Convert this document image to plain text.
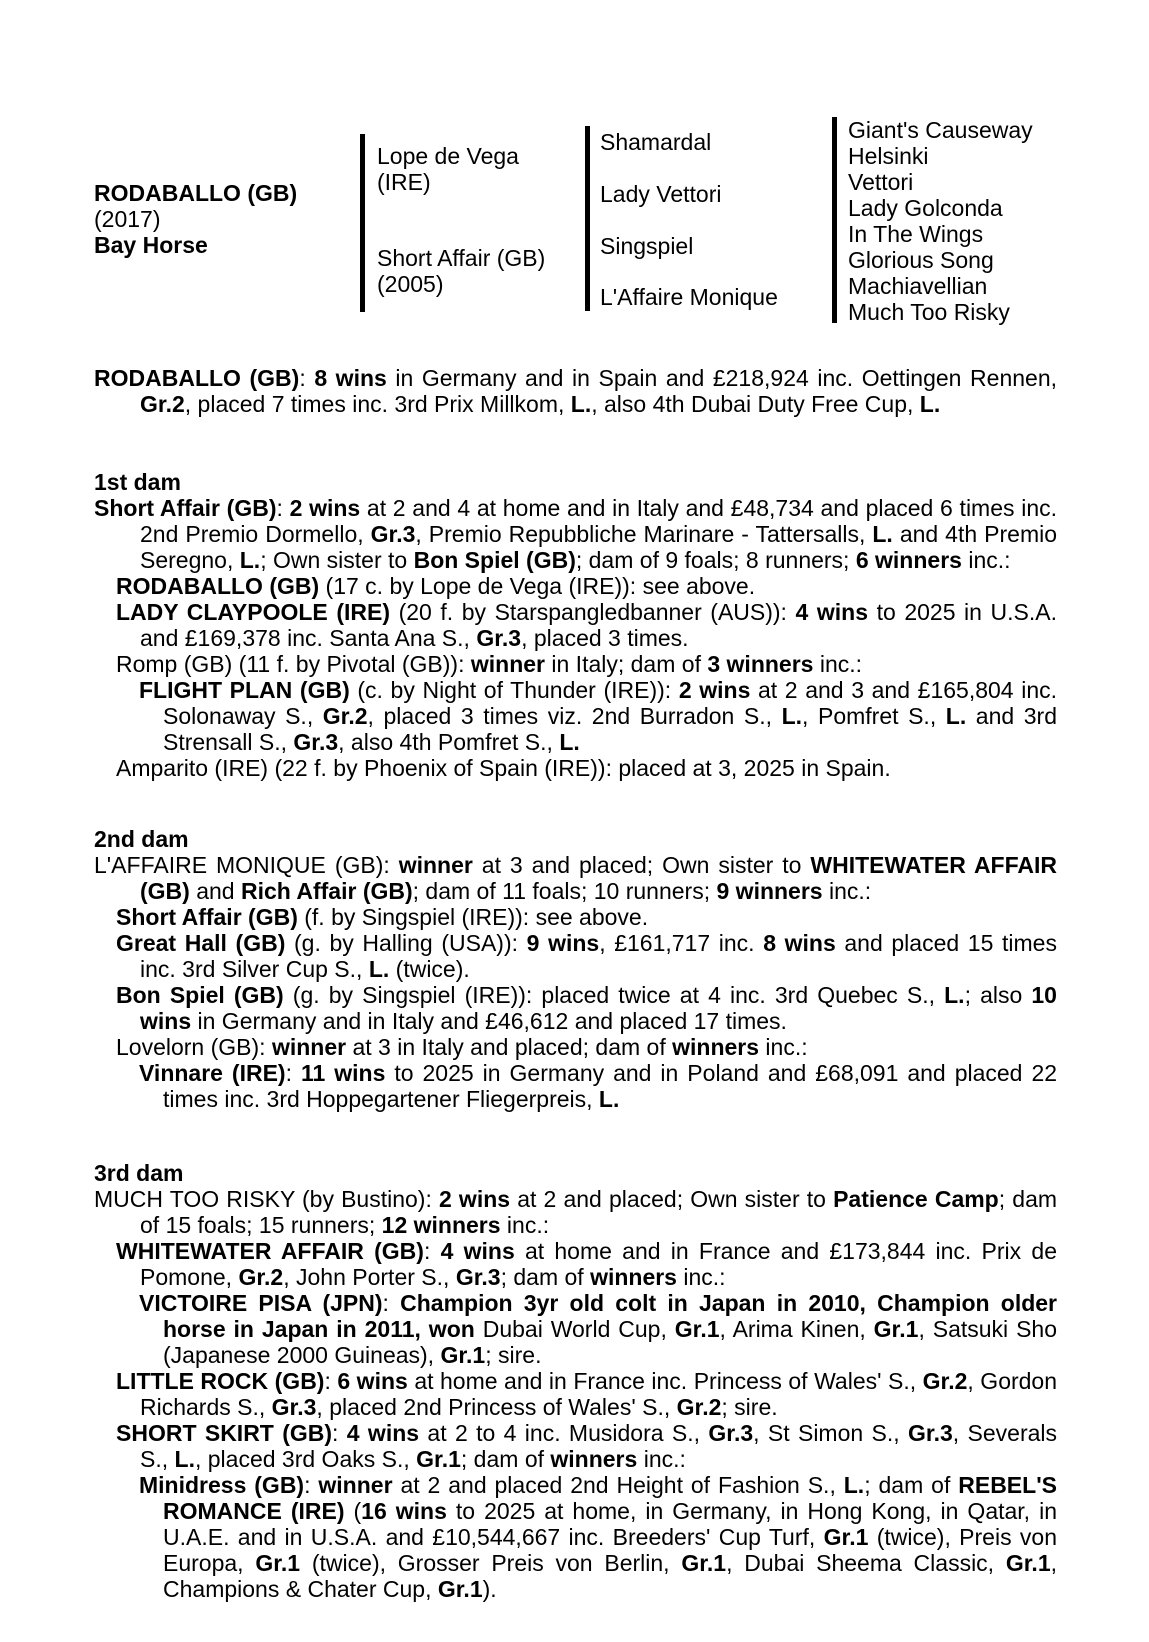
RODABALLO (GB)
(2017)
Bay Horse
Lope de Vega
(IRE)
Short Affair (GB)
(2005)
Shamardal
Lady Vettori
Singspiel
L'Affaire Monique
Giant's Causeway
Helsinki
Vettori
Lady Golconda
In The Wings
Glorious Song
Machiavellian
Much Too Risky
RODABALLO (GB): 8 wins in Germany and in Spain and £218,924 inc. Oettingen Rennen, Gr.2, placed 7 times inc. 3rd Prix Millkom, L., also 4th Dubai Duty Free Cup, L.
1st dam
Short Affair (GB): 2 wins at 2 and 4 at home and in Italy and £48,734 and placed 6 times inc. 2nd Premio Dormello, Gr.3, Premio Repubbliche Marinare - Tattersalls, L. and 4th Premio Seregno, L.; Own sister to Bon Spiel (GB); dam of 9 foals; 8 runners; 6 winners inc.:
RODABALLO (GB) (17 c. by Lope de Vega (IRE)): see above.
LADY CLAYPOOLE (IRE) (20 f. by Starspangledbanner (AUS)): 4 wins to 2025 in U.S.A. and £169,378 inc. Santa Ana S., Gr.3, placed 3 times.
Romp (GB) (11 f. by Pivotal (GB)): winner in Italy; dam of 3 winners inc.:
FLIGHT PLAN (GB) (c. by Night of Thunder (IRE)): 2 wins at 2 and 3 and £165,804 inc. Solonaway S., Gr.2, placed 3 times viz. 2nd Burradon S., L., Pomfret S., L. and 3rd Strensall S., Gr.3, also 4th Pomfret S., L.
Amparito (IRE) (22 f. by Phoenix of Spain (IRE)): placed at 3, 2025 in Spain.
2nd dam
L'AFFAIRE MONIQUE (GB): winner at 3 and placed; Own sister to WHITEWATER AFFAIR (GB) and Rich Affair (GB); dam of 11 foals; 10 runners; 9 winners inc.:
Short Affair (GB) (f. by Singspiel (IRE)): see above.
Great Hall (GB) (g. by Halling (USA)): 9 wins, £161,717 inc. 8 wins and placed 15 times inc. 3rd Silver Cup S., L. (twice).
Bon Spiel (GB) (g. by Singspiel (IRE)): placed twice at 4 inc. 3rd Quebec S., L.; also 10 wins in Germany and in Italy and £46,612 and placed 17 times.
Lovelorn (GB): winner at 3 in Italy and placed; dam of winners inc.:
Vinnare (IRE): 11 wins to 2025 in Germany and in Poland and £68,091 and placed 22 times inc. 3rd Hoppegartener Fliegerpreis, L.
3rd dam
MUCH TOO RISKY (by Bustino): 2 wins at 2 and placed; Own sister to Patience Camp; dam of 15 foals; 15 runners; 12 winners inc.:
WHITEWATER AFFAIR (GB): 4 wins at home and in France and £173,844 inc. Prix de Pomone, Gr.2, John Porter S., Gr.3; dam of winners inc.:
VICTOIRE PISA (JPN): Champion 3yr old colt in Japan in 2010, Champion older horse in Japan in 2011, won Dubai World Cup, Gr.1, Arima Kinen, Gr.1, Satsuki Sho (Japanese 2000 Guineas), Gr.1; sire.
LITTLE ROCK (GB): 6 wins at home and in France inc. Princess of Wales' S., Gr.2, Gordon Richards S., Gr.3, placed 2nd Princess of Wales' S., Gr.2; sire.
SHORT SKIRT (GB): 4 wins at 2 to 4 inc. Musidora S., Gr.3, St Simon S., Gr.3, Severals S., L., placed 3rd Oaks S., Gr.1; dam of winners inc.:
Minidress (GB): winner at 2 and placed 2nd Height of Fashion S., L.; dam of REBEL'S ROMANCE (IRE) (16 wins to 2025 at home, in Germany, in Hong Kong, in Qatar, in U.A.E. and in U.S.A. and £10,544,667 inc. Breeders' Cup Turf, Gr.1 (twice), Preis von Europa, Gr.1 (twice), Grosser Preis von Berlin, Gr.1, Dubai Sheema Classic, Gr.1, Champions & Chater Cup, Gr.1).
